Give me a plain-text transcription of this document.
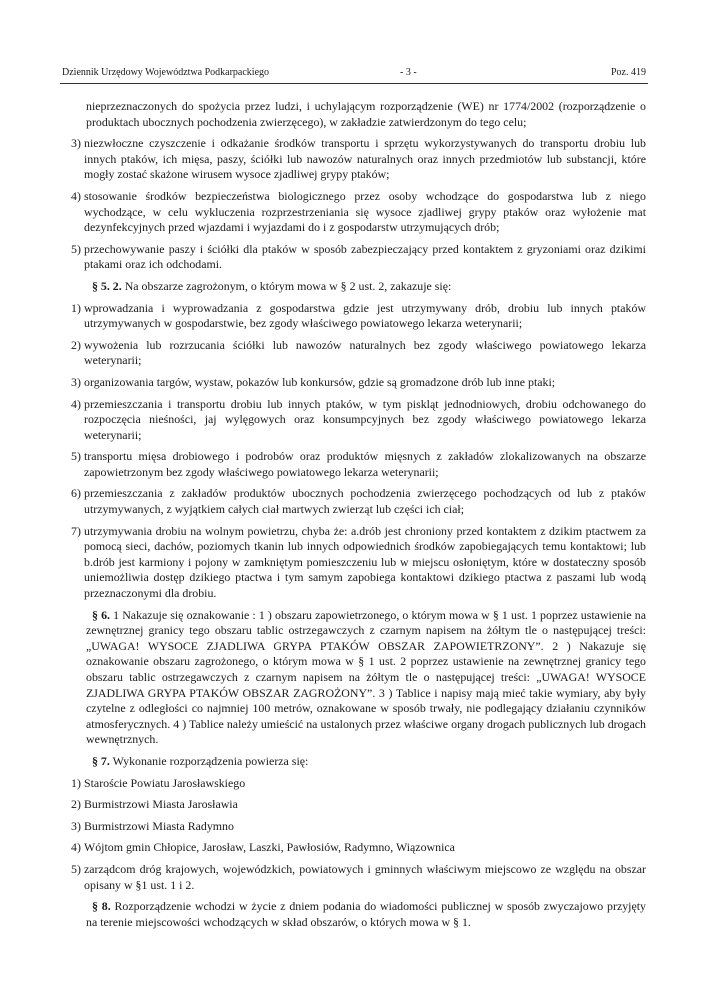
Dziennik Urzędowy Województwa Podkarpackiego	- 3 -	Poz. 419

nieprzeznaczonych do spożycia przez ludzi, i uchylającym rozporządzenie (WE) nr 1774/2002 (rozporządzenie o produktach ubocznych pochodzenia zwierzęcego), w zakładzie zatwierdzonym do tego celu;

3) niezwłoczne czyszczenie i odkażanie środków transportu i sprzętu wykorzystywanych do transportu drobiu lub innych ptaków, ich mięsa, paszy, ściółki lub nawozów naturalnych oraz innych przedmiotów lub substancji, które mogły zostać skażone wirusem wysoce zjadliwej grypy ptaków;
4) stosowanie środków bezpieczeństwa biologicznego przez osoby wchodzące do gospodarstwa lub z niego wychodzące, w celu wykluczenia rozprzestrzeniania się wysoce zjadliwej grypy ptaków oraz wyłożenie mat dezynfekcyjnych przed wjazdami i wyjazdami do i z gospodarstw utrzymujących drób;
5) przechowywanie paszy i ściółki dla ptaków w sposób zabezpieczający przed kontaktem z gryzoniami oraz dzikimi ptakami oraz ich odchodami.

§ 5. 2. Na obszarze zagrożonym, o którym mowa w § 2 ust. 2, zakazuje się:

1) wprowadzania i wyprowadzania z gospodarstwa gdzie jest utrzymywany drób, drobiu lub innych ptaków utrzymywanych w gospodarstwie, bez zgody właściwego powiatowego lekarza weterynarii;
2) wywożenia lub rozrzucania ściółki lub nawozów naturalnych bez zgody właściwego powiatowego lekarza weterynarii;
3) organizowania targów, wystaw, pokazów lub konkursów, gdzie są gromadzone drób lub inne ptaki;
4) przemieszczania i transportu drobiu lub innych ptaków, w tym piskląt jednodniowych, drobiu odchowanego do rozpoczęcia nieśności, jaj wylęgowych oraz konsumpcyjnych bez zgody właściwego powiatowego lekarza weterynarii;
5) transportu mięsa drobiowego i podrobów oraz produktów mięsnych z zakładów zlokalizowanych na obszarze zapowietrzonym bez zgody właściwego powiatowego lekarza weterynarii;
6) przemieszczania z zakładów produktów ubocznych pochodzenia zwierzęcego pochodzących od lub z ptaków utrzymywanych, z wyjątkiem całych ciał martwych zwierząt lub części ich ciał;
7) utrzymywania drobiu na wolnym powietrzu, chyba że: a.drób jest chroniony przed kontaktem z dzikim ptactwem za pomocą sieci, dachów, poziomych tkanin lub innych odpowiednich środków zapobiegających temu kontaktowi; lub b.drób jest karmiony i pojony w zamkniętym pomieszczeniu lub w miejscu osłoniętym, które w dostateczny sposób uniemożliwia dostęp dzikiego ptactwa i tym samym zapobiega kontaktowi dzikiego ptactwa z paszami lub wodą przeznaczonymi dla drobiu.

§ 6. 1 Nakazuje się oznakowanie : 1 ) obszaru zapowietrzonego, o którym mowa w § 1 ust. 1 poprzez ustawienie na zewnętrznej granicy tego obszaru tablic ostrzegawczych z czarnym napisem na żółtym tle o następującej treści: „UWAGA! WYSOCE ZJADLIWA GRYPA PTAKÓW OBSZAR ZAPOWIETRZONY”. 2 ) Nakazuje się oznakowanie obszaru zagrożonego, o którym mowa w § 1 ust. 2 poprzez ustawienie na zewnętrznej granicy tego obszaru tablic ostrzegawczych z czarnym napisem na żółtym tle o następującej treści: „UWAGA! WYSOCE ZJADLIWA GRYPA PTAKÓW OBSZAR ZAGROŻONY”. 3 ) Tablice i napisy mają mieć takie wymiary, aby były czytelne z odległości co najmniej 100 metrów, oznakowane w sposób trwały, nie podlegający działaniu czynników atmosferycznych. 4 ) Tablice należy umieścić na ustalonych przez właściwe organy drogach publicznych lub drogach wewnętrznych.

§ 7. Wykonanie rozporządzenia powierza się:

1) Staroście Powiatu Jarosławskiego
2) Burmistrzowi Miasta Jarosławia
3) Burmistrzowi Miasta Radymno
4) Wójtom gmin Chłopice, Jarosław, Laszki, Pawłosiów, Radymno, Wiązownica
5) zarządcom dróg krajowych, wojewódzkich, powiatowych i gminnych właściwym miejscowo ze względu na obszar opisany w §1 ust. 1 i 2.

§ 8. Rozporządzenie wchodzi w życie z dniem podania do wiadomości publicznej w sposób zwyczajowo przyjęty na terenie miejscowości wchodzących w skład obszarów, o których mowa w § 1.
